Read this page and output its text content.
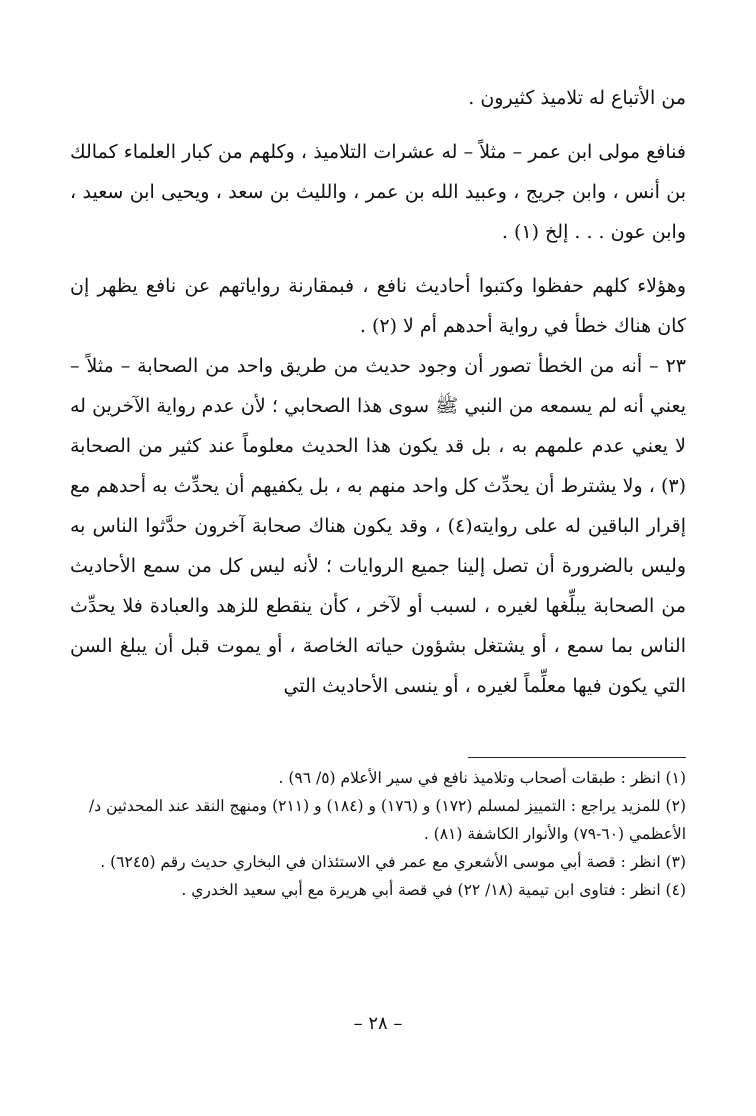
من الأتباع له تلاميذ كثيرون .

فنافع مولى ابن عمر – مثلاً – له عشرات التلاميذ ، وكلهم من كبار العلماء كمالك بن أنس ، وابن جريج ، وعبيد الله بن عمر ، والليث بن سعد ، ويحيى ابن سعيد ، وابن عون . . . إلخ (١) .

وهؤلاء كلهم حفظوا وكتبوا أحاديث نافع ، فبمقارنة رواياتهم عن نافع يظهر إن كان هناك خطأ في رواية أحدهم أم لا (٢) .

٢٣ – أنه من الخطأ تصور أن وجود حديث من طريق واحد من الصحابة – مثلاً – يعني أنه لم يسمعه من النبي ﷺ سوى هذا الصحابي ؛ لأن عدم رواية الآخرين له لا يعني عدم علمهم به ، بل قد يكون هذا الحديث معلوماً عند كثير من الصحابة (٣) ، ولا يشترط أن يحدِّث كل واحد منهم به ، بل يكفيهم أن يحدِّث به أحدهم مع إقرار الباقين له على روايته(٤) ، وقد يكون هناك صحابة آخرون حدَّثوا الناس به وليس بالضرورة أن تصل إلينا جميع الروايات ؛ لأنه ليس كل من سمع الأحاديث من الصحابة يبلِّغها لغيره ، لسبب أو لآخر ، كأن ينقطع للزهد والعبادة فلا يحدِّث الناس بما سمع ، أو يشتغل بشؤون حياته الخاصة ، أو يموت قبل أن يبلغ السن التي يكون فيها معلِّماً لغيره ، أو ينسى الأحاديث التي

(١) انظر : طبقات أصحاب وتلاميذ نافع في سير الأعلام (٥/ ٩٦) .

(٢) للمزيد يراجع : التمييز لمسلم (١٧٢) و (١٧٦) و (١٨٤) و (٢١١) ومنهج النقد عند المحدثين د/

الأعظمي (٦٠-٧٩) والأنوار الكاشفة (٨١) .

(٣) انظر : قصة أبي موسى الأشعري مع عمر في الاستئذان في البخاري حديث رقم (٦٢٤٥) .

(٤) انظر : فتاوى ابن تيمية (١٨/ ٢٢) في قصة أبي هريرة مع أبي سعيد الخدري .

– ٢٨ –
